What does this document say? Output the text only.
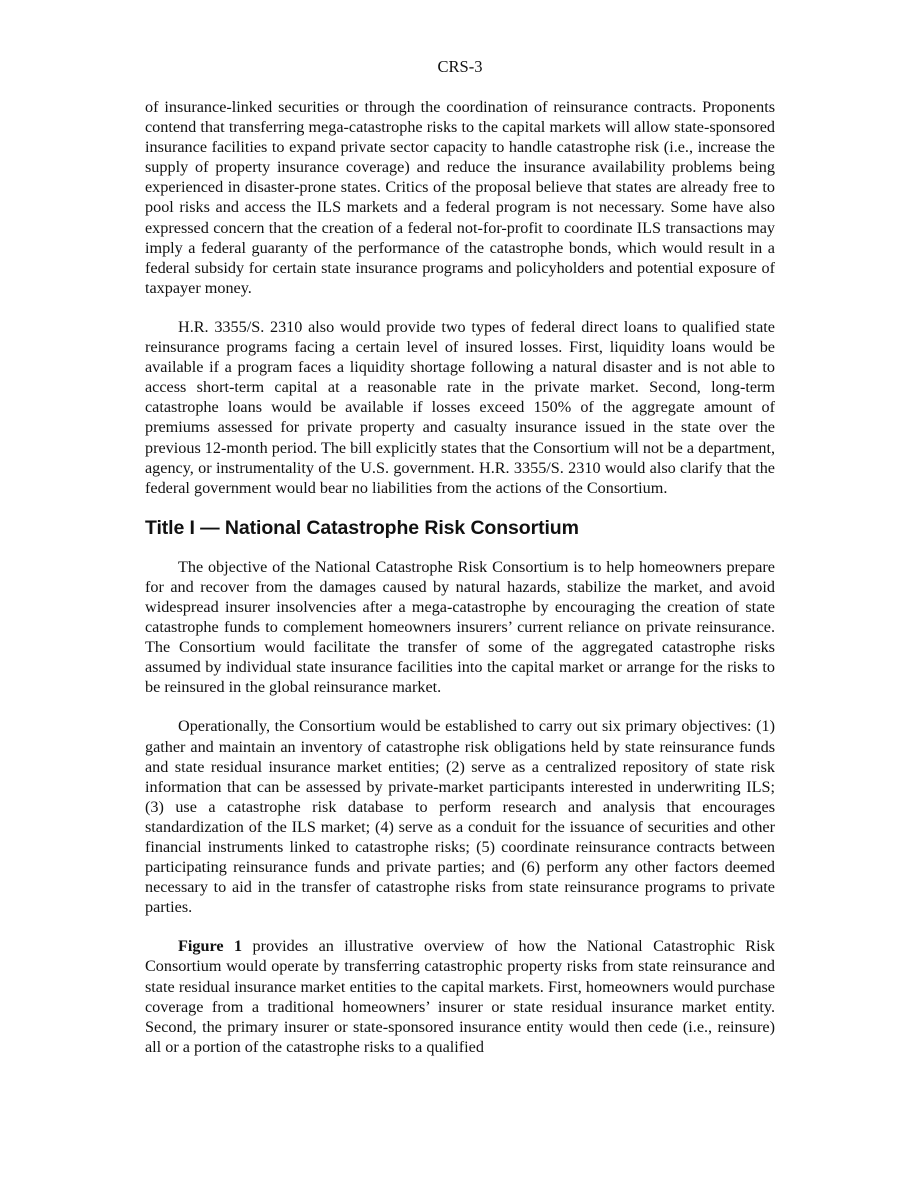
CRS-3

of insurance-linked securities or through the coordination of reinsurance contracts. Proponents contend that transferring mega-catastrophe risks to the capital markets will allow state-sponsored insurance facilities to expand private sector capacity to handle catastrophe risk (i.e., increase the supply of property insurance coverage) and reduce the insurance availability problems being experienced in disaster-prone states. Critics of the proposal believe that states are already free to pool risks and access the ILS markets and a federal program is not necessary. Some have also expressed concern that the creation of a federal not-for-profit to coordinate ILS transactions may imply a federal guaranty of the performance of the catastrophe bonds, which would result in a federal subsidy for certain state insurance programs and policyholders and potential exposure of taxpayer money.

H.R. 3355/S. 2310 also would provide two types of federal direct loans to qualified state reinsurance programs facing a certain level of insured losses. First, liquidity loans would be available if a program faces a liquidity shortage following a natural disaster and is not able to access short-term capital at a reasonable rate in the private market. Second, long-term catastrophe loans would be available if losses exceed 150% of the aggregate amount of premiums assessed for private property and casualty insurance issued in the state over the previous 12-month period. The bill explicitly states that the Consortium will not be a department, agency, or instrumentality of the U.S. government. H.R. 3355/S. 2310 would also clarify that the federal government would bear no liabilities from the actions of the Consortium.

Title I — National Catastrophe Risk Consortium

The objective of the National Catastrophe Risk Consortium is to help homeowners prepare for and recover from the damages caused by natural hazards, stabilize the market, and avoid widespread insurer insolvencies after a mega-catastrophe by encouraging the creation of state catastrophe funds to complement homeowners insurers’ current reliance on private reinsurance. The Consortium would facilitate the transfer of some of the aggregated catastrophe risks assumed by individual state insurance facilities into the capital market or arrange for the risks to be reinsured in the global reinsurance market.

Operationally, the Consortium would be established to carry out six primary objectives: (1) gather and maintain an inventory of catastrophe risk obligations held by state reinsurance funds and state residual insurance market entities; (2) serve as a centralized repository of state risk information that can be assessed by private-market participants interested in underwriting ILS; (3) use a catastrophe risk database to perform research and analysis that encourages standardization of the ILS market; (4) serve as a conduit for the issuance of securities and other financial instruments linked to catastrophe risks; (5) coordinate reinsurance contracts between participating reinsurance funds and private parties; and (6) perform any other factors deemed necessary to aid in the transfer of catastrophe risks from state reinsurance programs to private parties.

Figure 1 provides an illustrative overview of how the National Catastrophic Risk Consortium would operate by transferring catastrophic property risks from state reinsurance and state residual insurance market entities to the capital markets. First, homeowners would purchase coverage from a traditional homeowners’ insurer or state residual insurance market entity. Second, the primary insurer or state-sponsored insurance entity would then cede (i.e., reinsure) all or a portion of the catastrophe risks to a qualified
